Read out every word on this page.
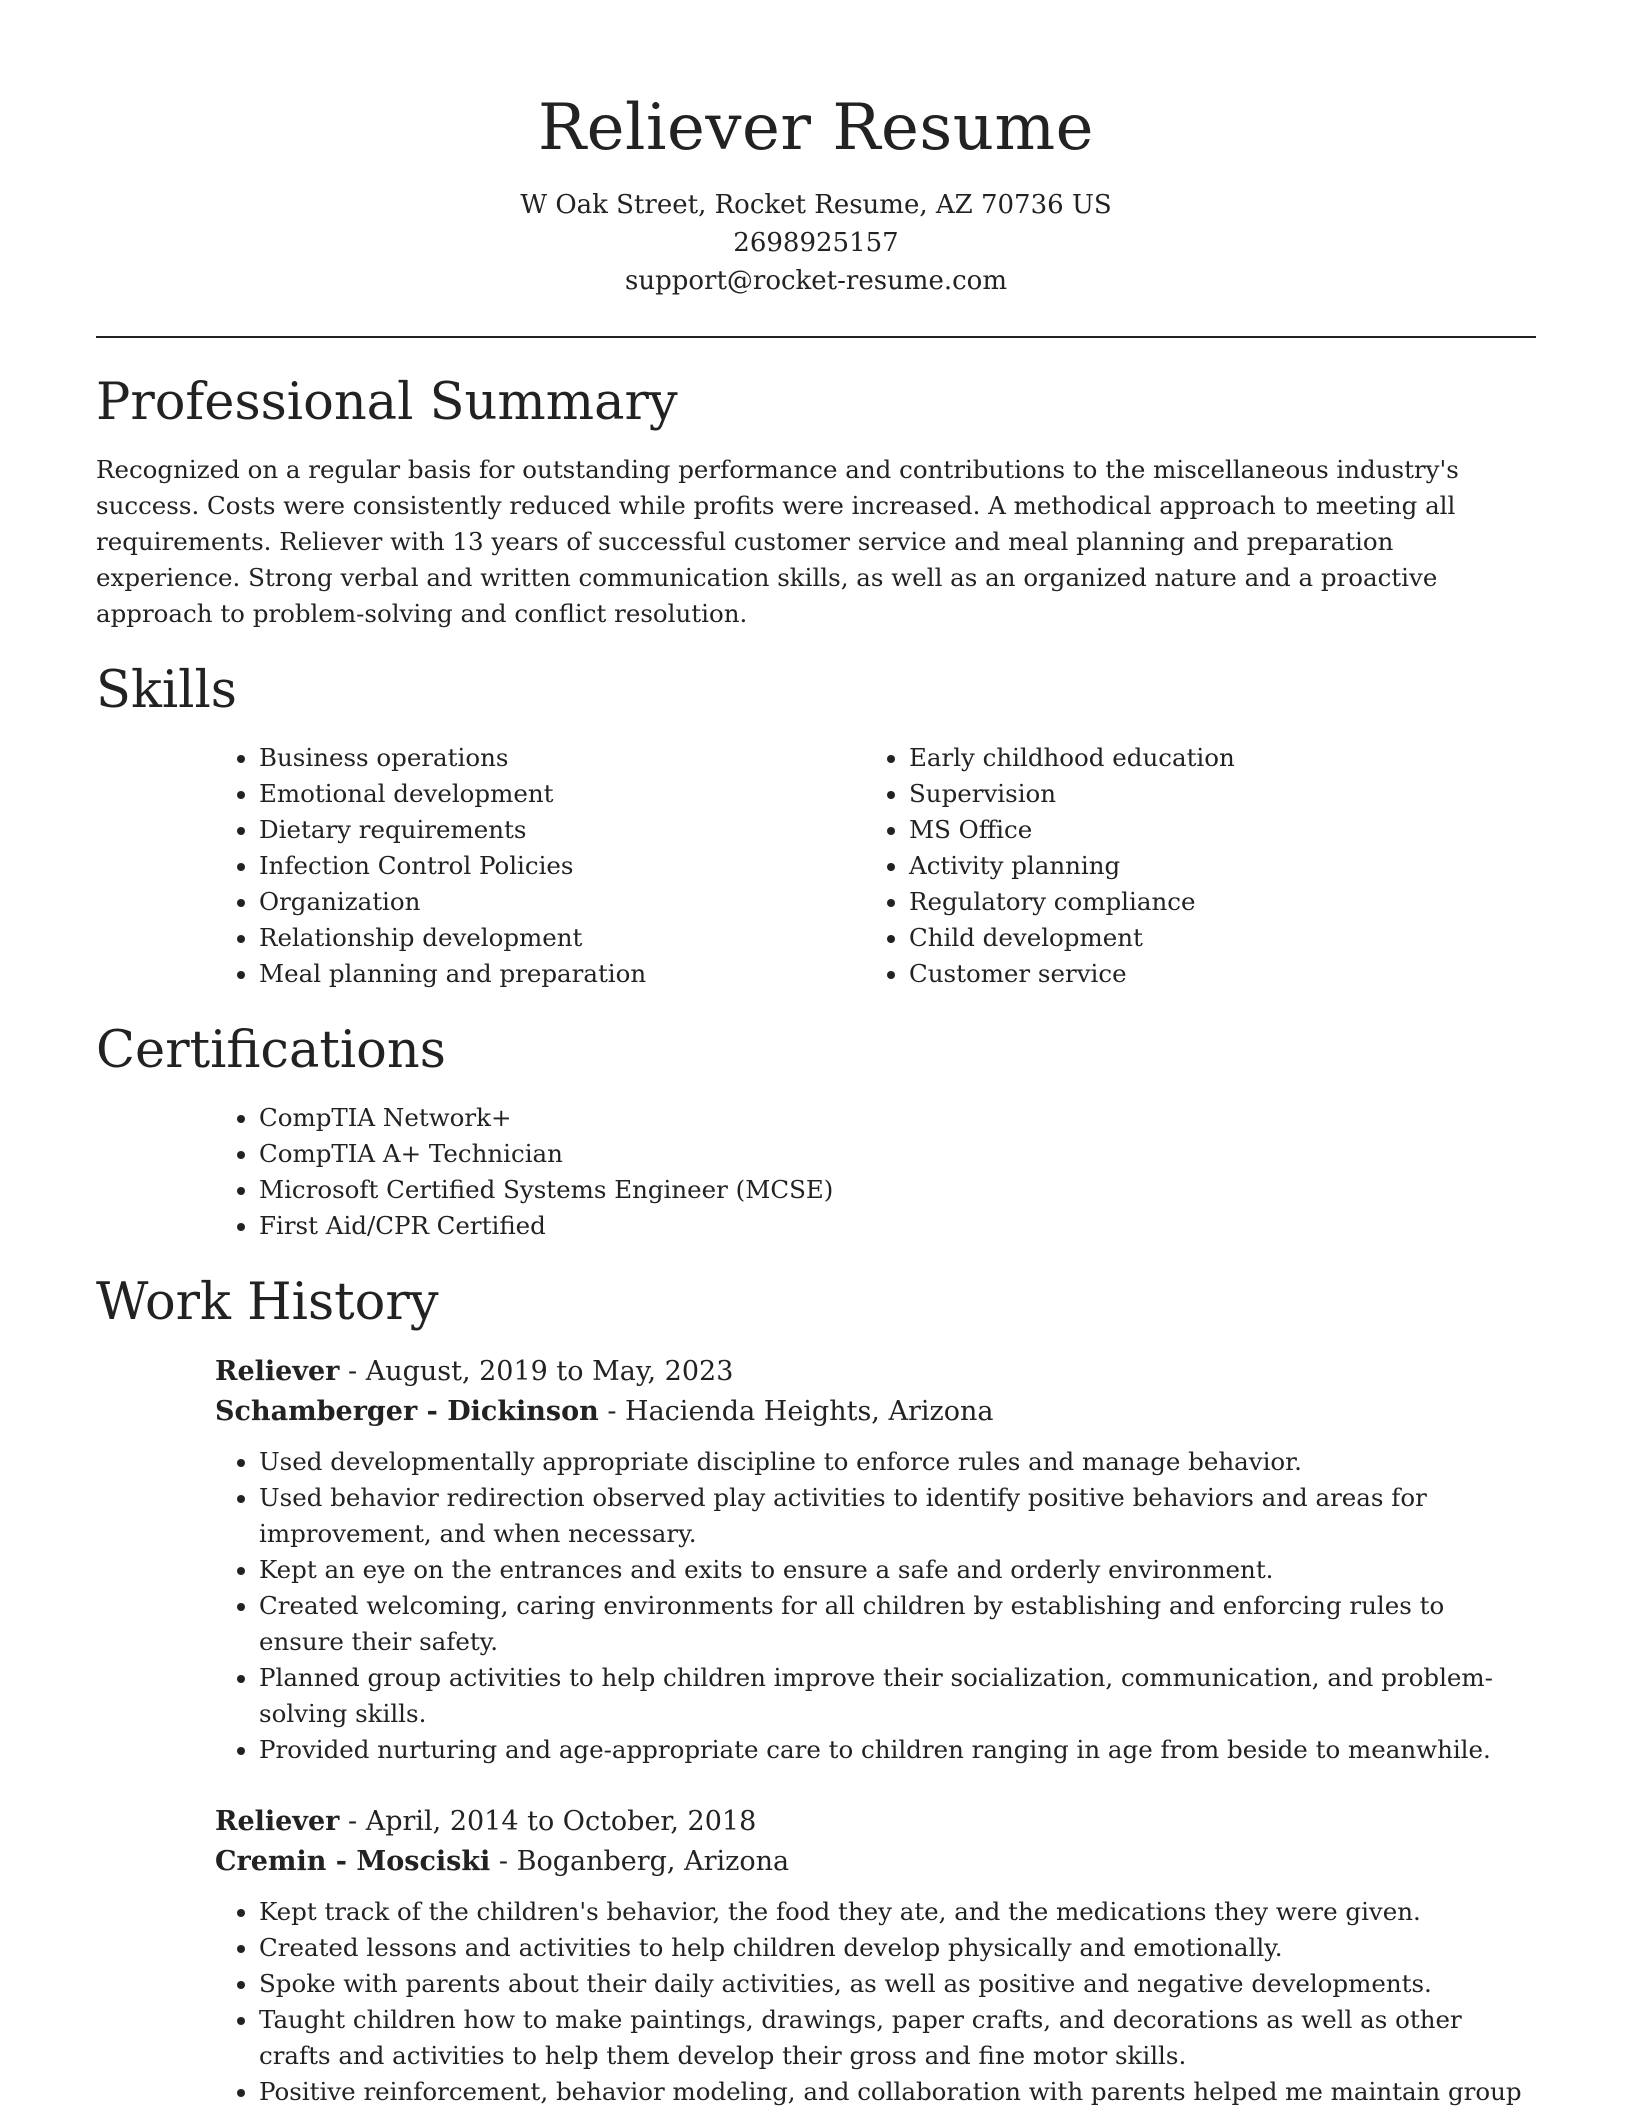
Reliever Resume
W Oak Street, Rocket Resume, AZ 70736 US
2698925157
support@rocket-resume.com
Professional Summary

Recognized on a regular basis for outstanding performance and contributions to the miscellaneous industry's success. Costs were consistently reduced while profits were increased. A methodical approach to meeting all requirements. Reliever with 13 years of successful customer service and meal planning and preparation experience. Strong verbal and written communication skills, as well as an organized nature and a proactive approach to problem-solving and conflict resolution.

Skills
• Business operations
• Emotional development
• Dietary requirements
• Infection Control Policies
• Organization
• Relationship development
• Meal planning and preparation
• Early childhood education
• Supervision
• MS Office
• Activity planning
• Regulatory compliance
• Child development
• Customer service
Certifications
• CompTIA Network+
• CompTIA A+ Technician
• Microsoft Certified Systems Engineer (MCSE)
• First Aid/CPR Certified
Work History
Reliever - August, 2019 to May, 2023
Schamberger - Dickinson - Hacienda Heights, Arizona
• Used developmentally appropriate discipline to enforce rules and manage behavior.
• Used behavior redirection observed play activities to identify positive behaviors and areas for improvement, and when necessary.
• Kept an eye on the entrances and exits to ensure a safe and orderly environment.
• Created welcoming, caring environments for all children by establishing and enforcing rules to ensure their safety.
• Planned group activities to help children improve their socialization, communication, and problem-solving skills.
• Provided nurturing and age-appropriate care to children ranging in age from beside to meanwhile.
Reliever - April, 2014 to October, 2018
Cremin - Mosciski - Boganberg, Arizona
• Kept track of the children's behavior, the food they ate, and the medications they were given.
• Created lessons and activities to help children develop physically and emotionally.
• Spoke with parents about their daily activities, as well as positive and negative developments.
• Taught children how to make paintings, drawings, paper crafts, and decorations as well as other crafts and activities to help them develop their gross and fine motor skills.
• Positive reinforcement, behavior modeling, and collaboration with parents helped me maintain group
